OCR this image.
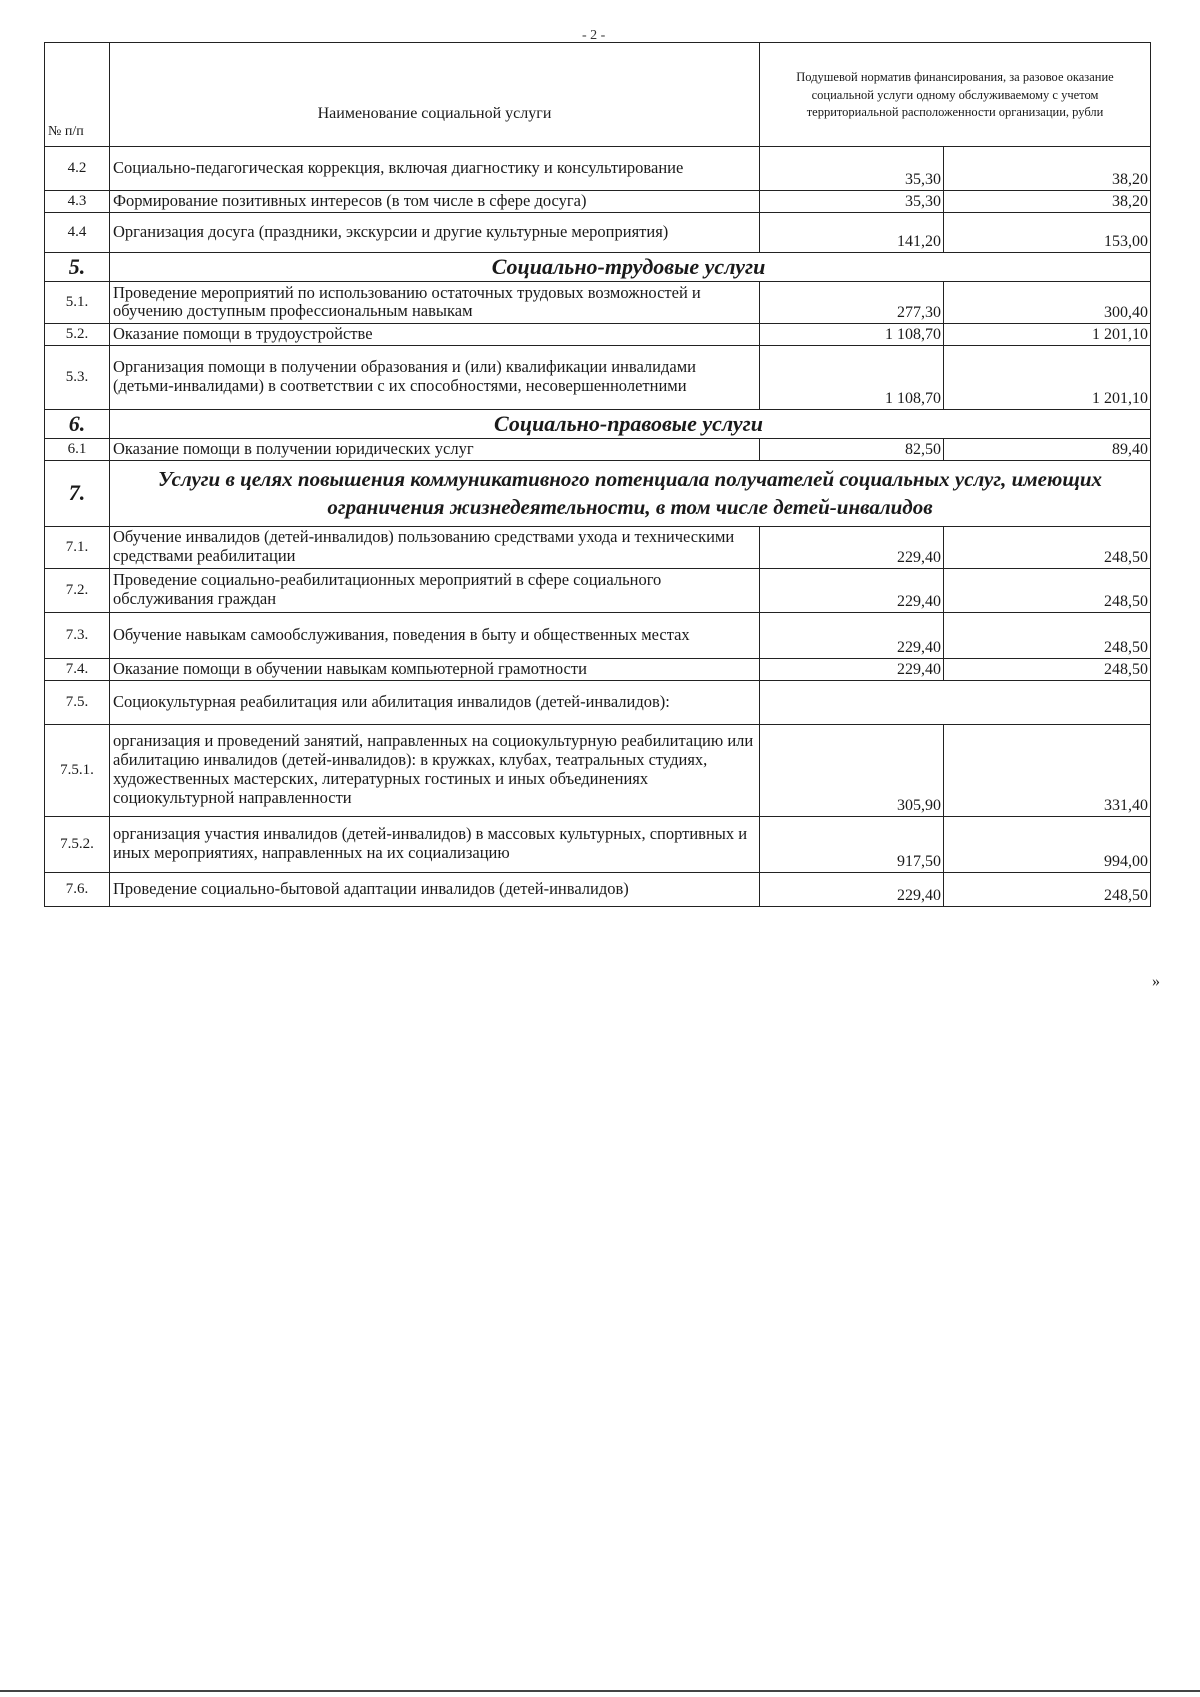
- 2 -
№ п/п	Наименование социальной услуги	Подушевой норматив финансирования, за разовое оказание социальной услуги одному обслуживаемому с учетом территориальной расположенности организации, рубли	
4.2	Социально-педагогическая коррекция, включая диагностику и консультирование	35,30	38,20
4.3	Формирование позитивных интересов (в том числе в сфере досуга)	35,30	38,20
4.4	Организация досуга (праздники, экскурсии и другие культурные мероприятия)	141,20	153,00
5.	Социально-трудовые услуги		
5.1.	Проведение мероприятий по использованию остаточных трудовых возможностей и обучению доступным профессиональным навыкам	277,30	300,40
5.2.	Оказание помощи в трудоустройстве	1 108,70	1 201,10
5.3.	Организация помощи в получении образования и (или) квалификации инвалидами (детьми-инвалидами) в соответствии с их способностями, несовершеннолетними	1 108,70	1 201,10
6.	Социально-правовые услуги		
6.1	Оказание помощи в получении юридических услуг	82,50	89,40
7.	Услуги в целях повышения коммуникативного потенциала получателей социальных услуг, имеющих ограничения жизнедеятельности, в том числе детей-инвалидов		
7.1.	Обучение инвалидов (детей-инвалидов) пользованию средствами ухода и техническими средствами реабилитации	229,40	248,50
7.2.	Проведение социально-реабилитационных мероприятий в сфере социального обслуживания граждан	229,40	248,50
7.3.	Обучение навыкам самообслуживания, поведения в быту и общественных местах	229,40	248,50
7.4.	Оказание помощи в обучении навыкам компьютерной грамотности	229,40	248,50
7.5.	Социокультурная реабилитация или абилитация инвалидов (детей-инвалидов):		
7.5.1.	организация и проведений занятий, направленных на социокультурную реабилитацию или абилитацию инвалидов (детей-инвалидов): в кружках, клубах, театральных студиях, художественных мастерских, литературных гостиных и иных объединениях социокультурной направленности	305,90	331,40
7.5.2.	организация участия инвалидов (детей-инвалидов) в массовых культурных, спортивных и иных мероприятиях, направленных на их социализацию	917,50	994,00
7.6.	Проведение социально-бытовой адаптации инвалидов (детей-инвалидов)	229,40	248,50
»
